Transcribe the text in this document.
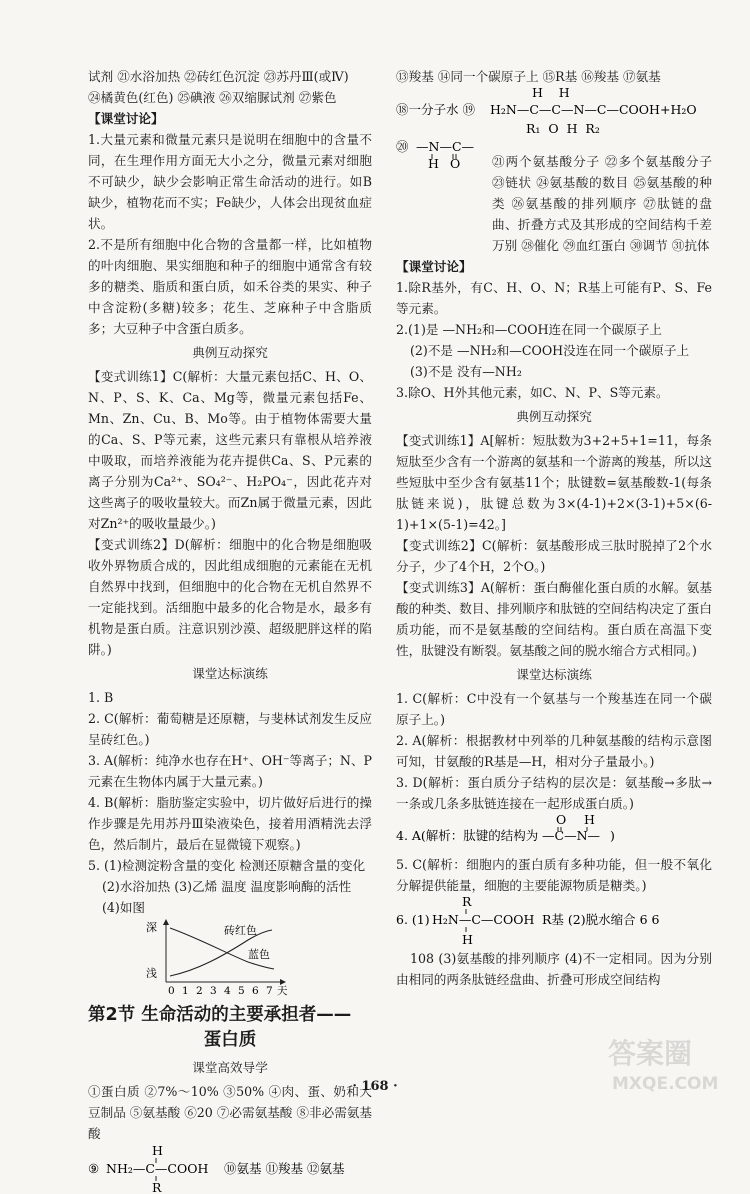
试剂 ㉑水浴加热 ㉒砖红色沉淀 ㉓苏丹Ⅲ(或Ⅳ)

㉔橘黄色(红色) ㉕碘液 ㉖双缩脲试剂 ㉗紫色

【课堂讨论】

1.大量元素和微量元素只是说明在细胞中的含量不同，在生理作用方面无大小之分，微量元素对细胞不可缺少，缺少会影响正常生命活动的进行。如B缺少，植物花而不实；Fe缺少，人体会出现贫血症状。

2.不是所有细胞中化合物的含量都一样，比如植物的叶肉细胞、果实细胞和种子的细胞中通常含有较多的糖类、脂质和蛋白质，如禾谷类的果实、种子中含淀粉(多糖)较多；花生、芝麻种子中含脂质多；大豆种子中含蛋白质多。

典例互动探究

【变式训练1】C(解析：大量元素包括C、H、O、N、P、S、K、Ca、Mg等，微量元素包括Fe、Mn、Zn、Cu、B、Mo等。由于植物体需要大量的Ca、S、P等元素，这些元素只有靠根从培养液中吸取，而培养液能为花卉提供Ca、S、P元素的离子分别为Ca²⁺、SO₄²⁻、H₂PO₄⁻，因此花卉对这些离子的吸收量较大。而Zn属于微量元素，因此对Zn²⁺的吸收量最少。)

【变式训练2】D(解析：细胞中的化合物是细胞吸收外界物质合成的，因此组成细胞的元素能在无机自然界中找到，但细胞中的化合物在无机自然界不一定能找到。活细胞中最多的化合物是水，最多有机物是蛋白质。注意识别沙漠、超级肥胖这样的陷阱。)

课堂达标演练

1. B

2. C(解析：葡萄糖是还原糖，与斐林试剂发生反应呈砖红色。)

3. A(解析：纯净水也存在H⁺、OH⁻等离子；N、P元素在生物体内属于大量元素。)

4. B(解析：脂肪鉴定实验中，切片做好后进行的操作步骤是先用苏丹Ⅲ染液染色，接着用酒精洗去浮色，然后制片，最后在显微镜下观察。)

5. (1)检测淀粉含量的变化 检测还原糖含量的变化

(2)水浴加热 (3)乙烯 温度 温度影响酶的活性

(4)如图

深
浅
砖红色
蓝色
0 1 2 3 4 5 6 7 天
第2节 生命活动的主要承担者——
蛋白质
课堂高效导学

①蛋白质 ②7%～10% ③50% ④肉、蛋、奶和大豆制品 ⑤氨基酸 ⑥20 ⑦必需氨基酸 ⑧非必需氨基酸

⑨ NH₂—C—COOH
H
R
⑩氨基 ⑪羧基 ⑫氨基

⑬羧基 ⑭同一个碳原子上 ⑮R基 ⑯羧基 ⑰氨基

⑱一分子水 ⑲ H₂N—C—C—N—C—COOH
H    H
R₁  O  H  R₂
+H₂O
⑳ —N—C—
H O	㉑两个氨基酸分子 ㉒多个氨基酸分子 ㉓链状 ㉔氨基酸的数目 ㉕氨基酸的种类 ㉖氨基酸的排列顺序 ㉗肽链的盘曲、折叠方式及其形成的空间结构千差万别 ㉘催化 ㉙血红蛋白 ㉚调节 ㉛抗体

【课堂讨论】

1.除R基外，有C、H、O、N；R基上可能有P、S、Fe等元素。

2.(1)是 —NH₂和—COOH连在同一个碳原子上

(2)不是 —NH₂和—COOH没连在同一个碳原子上

(3)不是 没有—NH₂

3.除O、H外其他元素，如C、N、P、S等元素。

典例互动探究

【变式训练1】A[解析：短肽数为3+2+5+1=11，每条短肽至少含有一个游离的氨基和一个游离的羧基，所以这些短肽中至少含有氨基11个；肽键数=氨基酸数-1(每条肽链来说)，肽键总数为3×(4-1)+2×(3-1)+5×(6-1)+1×(5-1)=42。]

【变式训练2】C(解析：氨基酸形成三肽时脱掉了2个水分子，少了4个H，2个O。)

【变式训练3】A(解析：蛋白酶催化蛋白质的水解。氨基酸的种类、数目、排列顺序和肽链的空间结构决定了蛋白质功能，而不是氨基酸的空间结构。蛋白质在高温下变性，肽键没有断裂。氨基酸之间的脱水缩合方式相同。)

课堂达标演练

1. C(解析：C中没有一个氨基与一个羧基连在同一个碳原子上。)

2. A(解析：根据教材中列举的几种氨基酸的结构示意图可知，甘氨酸的R基是—H，相对分子量最小。)

3. D(解析：蛋白质分子结构的层次是：氨基酸→多肽→一条或几条多肽链连接在一起形成蛋白质。)

4. A(解析：肽键的结构为 —C—N—
O H
)

5. C(解析：细胞内的蛋白质有多种功能，但一般不氧化分解提供能量，细胞的主要能源物质是糖类。)

6. (1)
R
H₂N—C—COOH
H
R基 (2)脱水缩合 6 6

108 (3)氨基酸的排列顺序 (4)不一定相同。因为分别由相同的两条肽链经盘曲、折叠可形成空间结构

· 168 ·
答案圈
MXQE.COM
